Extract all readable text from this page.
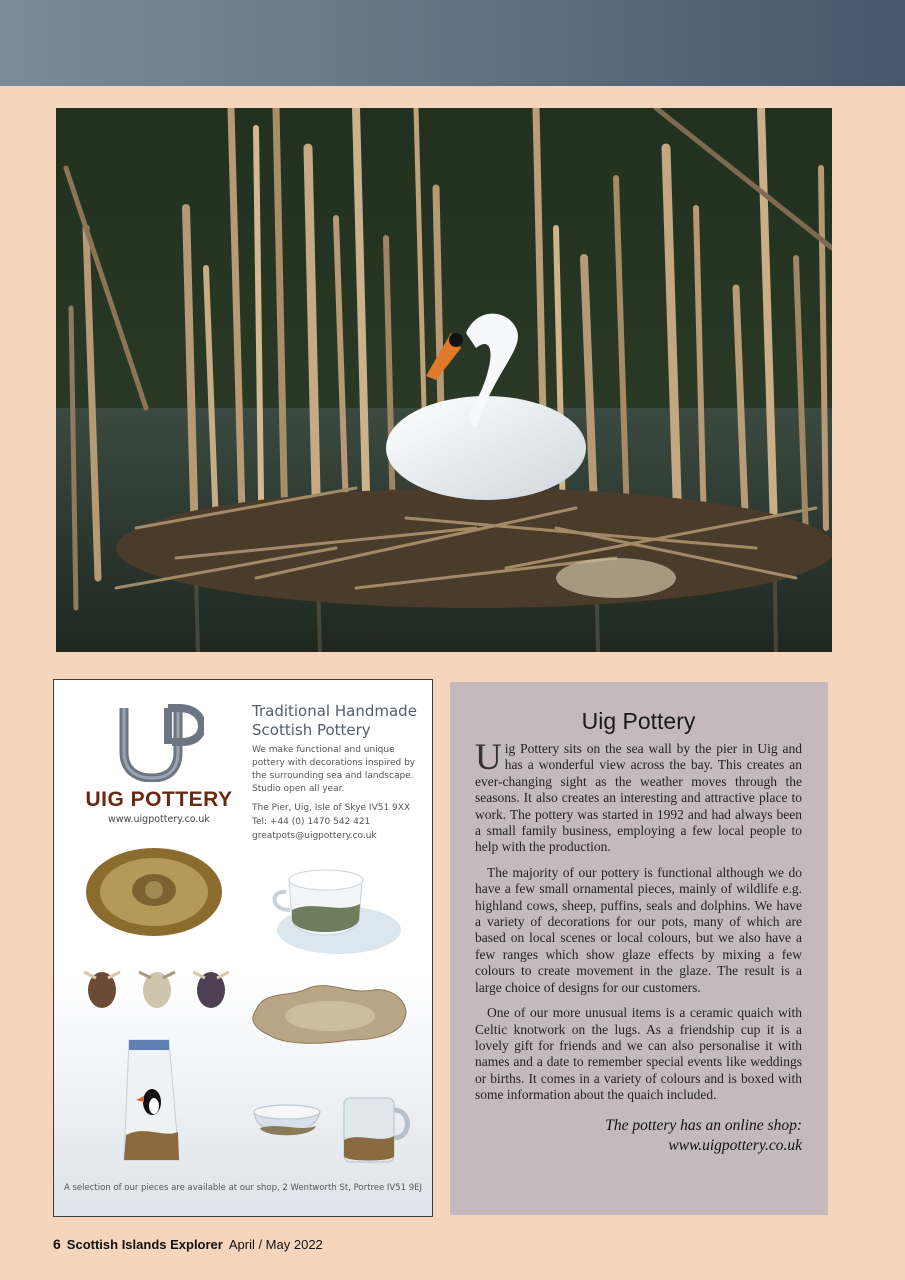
UIG POTTERY
www.uigpottery.co.uk
Traditional Handmade
Scottish Pottery
We make functional and unique pottery with decorations inspired by the surrounding sea and landscape. Studio open all year.
The Pier, Uig, Isle of Skye IV51 9XX
Tel: +44 (0) 1470 542 421
greatpots@uigpottery.co.uk
A selection of our pieces are available at our shop, 2 Wentworth St, Portree IV51 9EJ
Uig Pottery

Uig Pottery sits on the sea wall by the pier in Uig and has a wonderful view across the bay. This creates an ever-changing sight as the weather moves through the seasons. It also creates an interesting and attractive place to work. The pottery was started in 1992 and had always been a small family business, employing a few local people to help with the production.

The majority of our pottery is functional although we do have a few small ornamental pieces, mainly of wildlife e.g. highland cows, sheep, puffins, seals and dolphins. We have a variety of decorations for our pots, many of which are based on local scenes or local colours, but we also have a few ranges which show glaze effects by mixing a few colours to create movement in the glaze. The result is a large choice of designs for our customers.

One of our more unusual items is a ceramic quaich with Celtic knotwork on the lugs. As a friendship cup it is a lovely gift for friends and we can also personalise it with names and a date to remember special events like weddings or births. It comes in a variety of colours and is boxed with some information about the quaich included.

The pottery has an online shop:
www.uigpottery.co.uk
6 Scottish Islands Explorer April / May 2022
